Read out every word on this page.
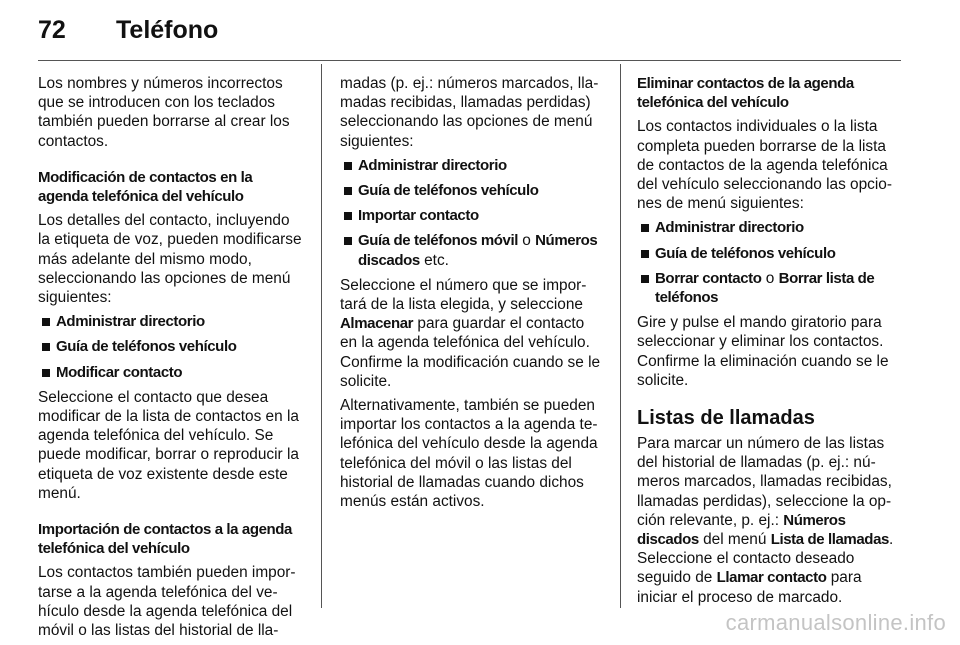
72 Teléfono

Los nombres y números incorrectos que se introducen con los teclados también pueden borrarse al crear los contactos.

Modificación de contactos en la agenda telefónica del vehículo

Los detalles del contacto, incluyendo la etiqueta de voz, pueden modificarse más adelante del mismo modo, seleccionando las opciones de menú siguientes:

Administrar directorio
Guía de teléfonos vehículo
Modificar contacto

Seleccione el contacto que desea modificar de la lista de contactos en la agenda telefónica del vehículo. Se puede modificar, borrar o reproducir la etiqueta de voz existente desde este menú.

Importación de contactos a la agenda telefónica del vehículo

Los contactos también pueden importarse a la agenda telefónica del vehículo desde la agenda telefónica del móvil o las listas del historial de lla-

madas (p. ej.: números marcados, llamadas recibidas, llamadas perdidas) seleccionando las opciones de menú siguientes:

Administrar directorio
Guía de teléfonos vehículo
Importar contacto
Guía de teléfonos móvil o Números discados etc.

Seleccione el número que se importará de la lista elegida, y seleccione Almacenar para guardar el contacto en la agenda telefónica del vehículo. Confirme la modificación cuando se le solicite.

Alternativamente, también se pueden importar los contactos a la agenda telefónica del vehículo desde la agenda telefónica del móvil o las listas del historial de llamadas cuando dichos menús están activos.

Eliminar contactos de la agenda telefónica del vehículo

Los contactos individuales o la lista completa pueden borrarse de la lista de contactos de la agenda telefónica del vehículo seleccionando las opciones de menú siguientes:

Administrar directorio
Guía de teléfonos vehículo
Borrar contacto o Borrar lista de teléfonos

Gire y pulse el mando giratorio para seleccionar y eliminar los contactos. Confirme la eliminación cuando se le solicite.

Listas de llamadas

Para marcar un número de las listas del historial de llamadas (p. ej.: números marcados, llamadas recibidas, llamadas perdidas), seleccione la opción relevante, p. ej.: Números discados del menú Lista de llamadas. Seleccione el contacto deseado seguido de Llamar contacto para iniciar el proceso de marcado.

carmanualsonline.info
